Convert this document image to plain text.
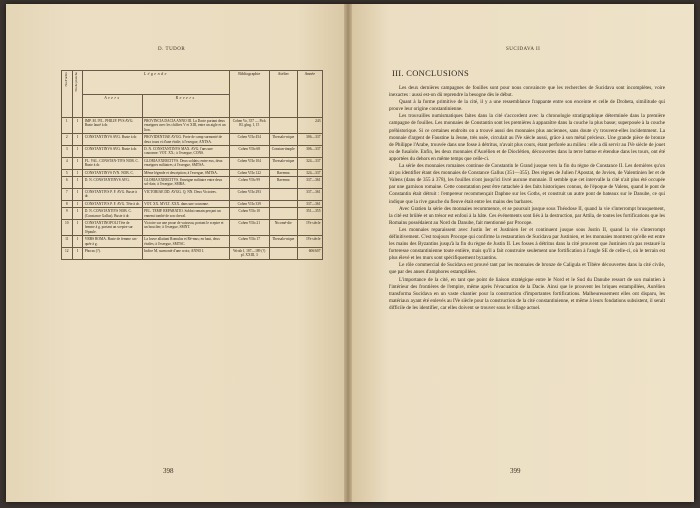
D. TUDOR	SUCIDAVA II
No d'ordre	No de planche	Légende		Bibliographie	Atelier	Année
		Avers	Revers			
1	I	IMP. M. IVL. PHILIP. PVS AVG. Buste lauré à dr.	PROVINCIA DACIA ANNO III. La Dacie portant deux enseignes avec les chiffres V et XIII, entre un aigle et un lion.	Cohen Vo, 357 — Pick Rl. gbrg. I, 15		243
2	I	CONSTANTINVS AVG. Buste à dr.	PROVIDENTIAE AVGG. Porte de camp surmonté de deux tours et d'une étoile; à l'exergue, ANTSA.	Cohen VIIo 454	Thessalo-nique	306—337
3	I	CONSTANTINVS AVG. Buste à dr.	D. N. CONSTANTINVS MAX. AVG. l'ans une couronne: VOT. XX.; à l'exergue, CONS.	Cohen VIIo 68	Constan-tinople	306—337
4	I	FL. VAL. CONSTAN-TIVS NOB. C. Buste à dr.	GLORIA EXERCITVS. Deux soldats; entre eux, deux enseignes militaires; à l'exergue, SMTSA.	Cohen VIIo 104	Thessalo-nique	324—337
5	I	CONSTANTINVS IVN. NOB. C.	Même légende et description; à l'exergue, SMTSA.	Cohen VIIo 122	Ravenna	324—337
6	I	D. N. CONSTANTINVS AVG.	GLORIA EXERCITVS. Enseigne militaire entre deux sol-dats; à l'exergue, SMRA.	Cohen VIIo 99	Ravenna	337—361
7	I	CONSTANTIVS P. F. AVG. Buste à dr.	VICTORIAE DD. AVGG. Q. NN. Deux Victoires.	Cohen VIIo 293		337—361
8	I	CONSTANTIVS P. F. AVG. Tête à dr.	VOT. XX. MVLT. XXX. dans une couronne.	Cohen VIIo 339		337—361
9	I	D. N. CONSTANTIVS NOB. C. (Constance Gallus). Buste à dr.	FEL. TEMP. REPARATIO. Soldat romain perçant un ennemi tombé de son cheval.	Cohen VIIo 10		351—355
10	I	CONSTANTINOPOLI Tête de femme à g. portant un sceptre sur l'épaule.	Victoire sur une proue de vaisseau, portant le sceptre et un bouclier; à l'exergue, SMNT.	Cohen VIIo 21	Nicomé-die	IVe siècle
11	I	VRBS ROMA. Buste de femme cas-quée à g.	La louve allaitant Romulus et Ré-mus; en haut, deux étoiles; à l'exergue, SMTSC.	Cohen VIIo 17	Thessalo-nique	IVe siècle
12	I	Phocas (?).	Indice M, surmonté d'une croix; ANNO I.	Wroth I, 187—189 (?) pl. XXIII, 3		606/607
398	399
III. CONCLUSIONS

Les deux dernières campagnes de fouilles sont pour nous convaincre que les recherches de Sucidava sont incomplètes, voire inexactes : aussi est-on dû reprendre la besogne dès le début.

Quant à la forme primitive de la cité, il y a une ressemblance frappante entre son enceinte et celle de Drobeta, similitude qui prouve leur origine constantinienne.

Les trouvailles numismatiques faites dans la cité s'accordent avec la chronologie stratigraphique déterminée dans la première campagne de fouilles. Les monnaies de Constantin sont les premières à apparaître dans la couche la plus basse; superposée à la couche préhistorique. Si ce certaines endroits on a trouvé aussi des monnaies plus anciennes, sans doute s'y trouvent-elles incidemment. La monnaie d'argent de Faustine la Jeune, très usée, circulait au IVe siècle aussi, grâce à son métal précieux. Une grande pièce de bronze de Philippe l'Arabe, trouvée dans une fosse à détritus, n'avait plus cours, étant perforée au milieu : elle a dû servir au IVe siècle de jouet ou de fusaïole. Enfin, les deux monnaies d'Aurélien et de Dioclétien, découvertes dans la terre battue et étendue dans les tours, ont été apportées du dehors en même temps que celle-ci.

La série des monnaies romaines continue de Constantin le Grand jusque vers la fin du règne de Constance II. Les dernières qu'on ait pu identifier étant des monnaies de Constance Gallus (351—355). Des règnes de Julien l'Apostat, de Jovien, de Valentinien Ier et de Valens (dans de 355 à 378), les fouilles n'ont jusqu'ici livré aucune monnaie. Il semble que cet intervalle la cité n'ait plus été occupée par une garnison romaine. Cette constatation peut être rattachée à des faits historiques connus, de l'époque de Valens, quand le pont de Constantin était détruit : l'empereur recommençait Daphne sur les Goths, et construit un autre pont de bateaux sur le Danube, ce qui indique que la rive gauche du fleuve était entre les mains des barbares.

Avec Gratien la série des monnaies recommence, et se poursuit jusque sous Théodose II, quand la vie s'interrompt brusquement, la cité est brûlée et un trésor est enfoui à la hâte. Ces événements sont liés à la destruction, par Attila, de toutes les fortifications que les Romains possédaient au Nord du Danube, fait mentionné par Procope.

Les monnaies reparaissent avec Justin Ier et Justinien Ier et continuent jusque sous Justin II, quand la vie s'interrompt définitivement. C'est toujours Procope qui confirme la restauration de Sucidava par Justinien, et les monnaies montrent qu'elle est entre les mains des Byzantins jusqu'à la fin du règne de Justin II. Les fosses à détritus dans la cité prouvent que Justinien n'a pas restauré la forteresse constantinienne toute entière, mais qu'il a fait construire seulement une fortification à l'angle SE de celle-ci, où le terrain est plus élevé et les murs sont spécifiquement byzantins.

Le rôle commercial de Sucidava est prouvé tant par les monnaies de bronze de Caligula et Tibère découvertes dans la cité civile, que par des anses d'amphores estampillées.

L'importance de la cité, en tant que point de liaison stratégique entre le Nord et le Sud du Danube ressort de son maintien à l'intérieur des frontières de l'empire, même après l'évacuation de la Dacie. Ainsi que le prouvent les briques estampillées, Aurélien transforma Sucidava en un vaste chantier pour la construction d'importantes fortifications. Malheureusement elles ont disparu, les matériaux ayant été enlevés au IVe siècle pour la construction de la cité constantinienne, et même à leurs fondations subsistent, il serait difficile de les identifier, car elles doivent se trouver sous le village actuel.
